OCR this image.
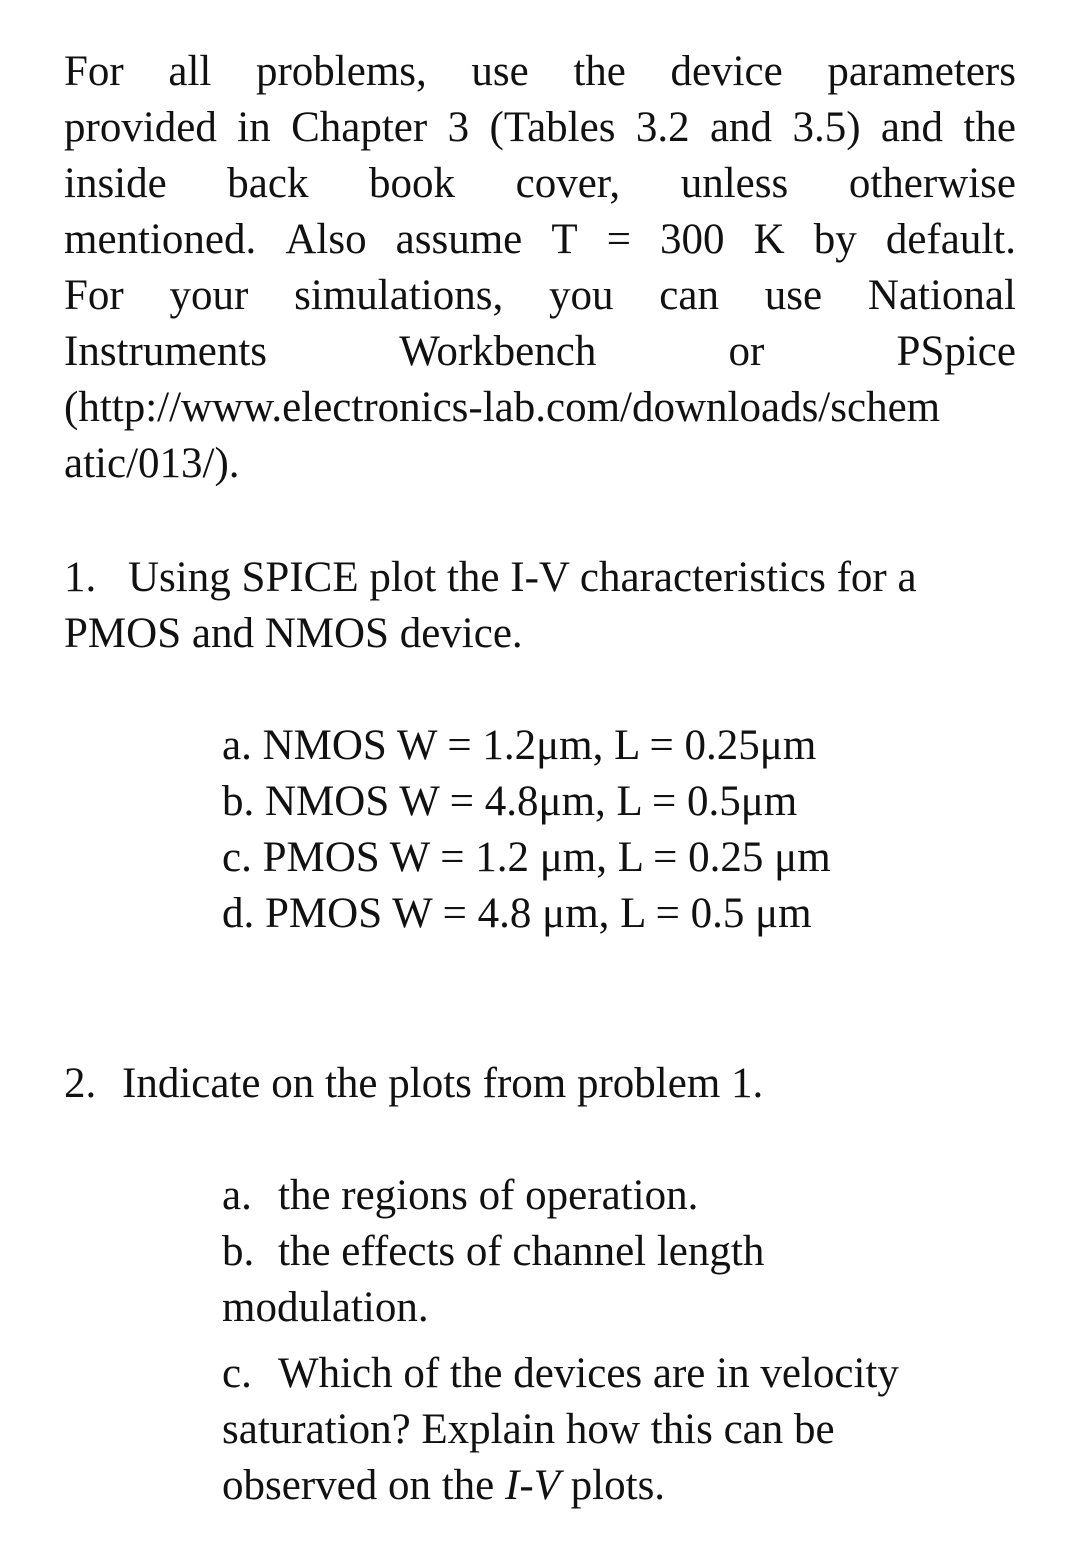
For all problems, use the device parameters
provided in Chapter 3 (Tables 3.2 and 3.5) and the
inside back book cover, unless otherwise
mentioned. Also assume T = 300 K by default.
For your simulations, you can use National
Instruments	Workbench	or	PSpice
(http://www.electronics-lab.com/downloads/schem
atic/013/).
1. Using SPICE plot the I-V characteristics for a
PMOS and NMOS device.
a. NMOS W = 1.2μm, L = 0.25μm
b. NMOS W = 4.8μm, L = 0.5μm
c. PMOS W = 1.2 μm, L = 0.25 μm
d. PMOS W = 4.8 μm, L = 0.5 μm
2. Indicate on the plots from problem 1.
a. the regions of operation.
b. the effects of channel length
modulation.
c. Which of the devices are in velocity
saturation? Explain how this can be
observed on the I-V plots.
